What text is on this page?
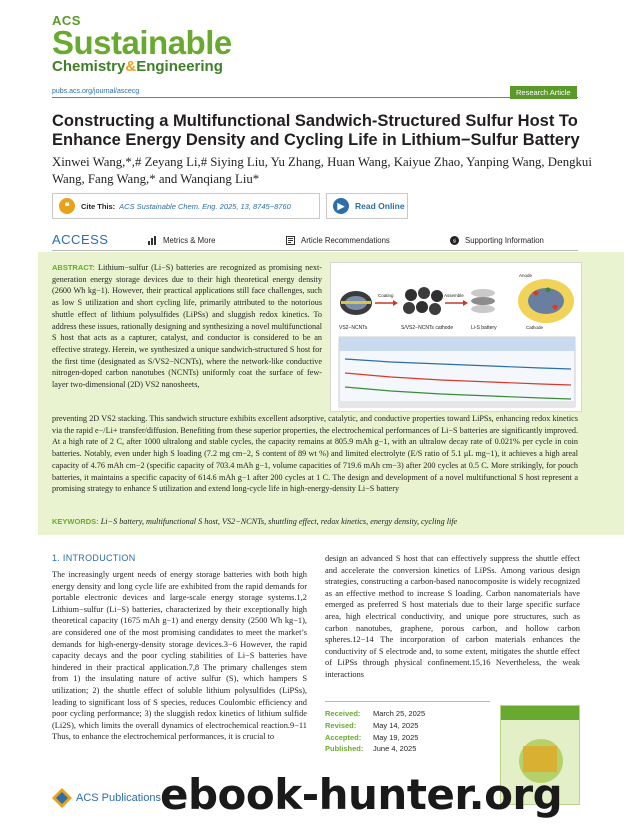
ACS
Sustainable
Chemistry&Engineering
pubs.acs.org/journal/ascecg	Research Article
Constructing a Multifunctional Sandwich-Structured Sulfur Host To Enhance Energy Density and Cycling Life in Lithium−Sulfur Battery
Xinwei Wang,*,# Zeyang Li,# Siying Liu, Yu Zhang, Huan Wang, Kaiyue Zhao, Yanping Wang, Dengkui Wang, Fang Wang,* and Wanqiang Liu*
❝	Cite This: ACS Sustainable Chem. Eng. 2025, 13, 8745−8760	▶	Read Online
ACCESS	Metrics & More	Article Recommendations	si Supporting Information
ABSTRACT: Lithium−sulfur (Li−S) batteries are recognized as promising next-generation energy storage devices due to their high theoretical energy density (2600 Wh kg−1). However, their practical applications still face challenges, such as low S utilization and short cycling life, primarily attributed to the notorious shuttle effect of lithium polysulfides (LiPSs) and sluggish redox kinetics. To address these issues, rationally designing and synthesizing a novel multifunctional S host that acts as a capturer, catalyst, and conductor is considered to be an effective strategy. Herein, we synthesized a unique sandwich-structured S host for the first time (designated as S/VS2−NCNTs), where the network-like conductive nitrogen-doped carbon nanotubes (NCNTs) uniformly coat the surface of few-layer two-dimensional (2D) VS2 nanosheets,
VS2−NCNTs
Coating
S/VS2−NCNTs cathode
Assemble
Li-S battery
Anode
Cathode
preventing 2D VS2 stacking. This sandwich structure exhibits excellent adsorptive, catalytic, and conductive properties toward LiPSs, enhancing redox kinetics via the rapid e−/Li+ transfer/diffusion. Benefiting from these superior properties, the electrochemical performances of Li−S batteries are significantly improved. At a high rate of 2 C, after 1000 ultralong and stable cycles, the capacity remains at 805.9 mAh g−1, with an ultralow decay rate of 0.021% per cycle in coin batteries. Notably, even under high S loading (7.2 mg cm−2, S content of 89 wt %) and limited electrolyte (E/S ratio of 5.1 μL mg−1), it achieves a high areal capacity of 4.76 mAh cm−2 (specific capacity of 703.4 mAh g−1, volume capacities of 719.6 mAh cm−3) after 200 cycles at 0.5 C. More strikingly, for pouch batteries, it maintains a specific capacity of 614.6 mAh g−1 after 200 cycles at 1 C. The design and development of a novel multifunctional S host represent a promising strategy to enhance S utilization and extend long-cycle life in high-energy-density Li−S battery
KEYWORDS: Li−S battery, multifunctional S host, VS2−NCNTs, shuttling effect, redox kinetics, energy density, cycling life
1. INTRODUCTION
The increasingly urgent needs of energy storage batteries with both high energy density and long cycle life are exhibited from the rapid demands for portable electronic devices and large-scale energy storage systems.1,2 Lithium−sulfur (Li−S) batteries, characterized by their exceptionally high theoretical capacity (1675 mAh g−1) and energy density (2500 Wh kg−1), are considered one of the most promising candidates to meet the market’s demands for high-energy-density storage devices.3−6 However, the rapid capacity decays and the poor cycling stabilities of Li−S batteries have hindered in their practical application.7,8 The primary challenges stem from 1) the insulating nature of active sulfur (S), which hampers S utilization; 2) the shuttle effect of soluble lithium polysulfides (LiPSs), leading to significant loss of S species, reduces Coulombic efficiency and poor cycling performance; 3) the sluggish redox kinetics of lithium sulfide (Li2S), which limits the overall dynamics of electrochemical reaction.9−11 Thus, to enhance the electrochemical performances, it is crucial to
design an advanced S host that can effectively suppress the shuttle effect and accelerate the conversion kinetics of LiPSs. Among various design strategies, constructing a carbon-based nanocomposite is widely recognized as an effective method to increase S loading. Carbon nanomaterials have emerged as preferred S host materials due to their large specific surface area, high electrical conductivity, and unique pore structures, such as carbon nanotubes, graphene, porous carbon, and hollow carbon spheres.12−14 The incorporation of carbon materials enhances the conductivity of S electrode and, to some extent, mitigates the shuttle effect of LiPSs through physical confinement.15,16 Nevertheless, the weak interactions
Received: March 25, 2025
Revised: May 14, 2025
Accepted: May 19, 2025
Published: June 4, 2025
ACS Publications ebook-hunter.org
